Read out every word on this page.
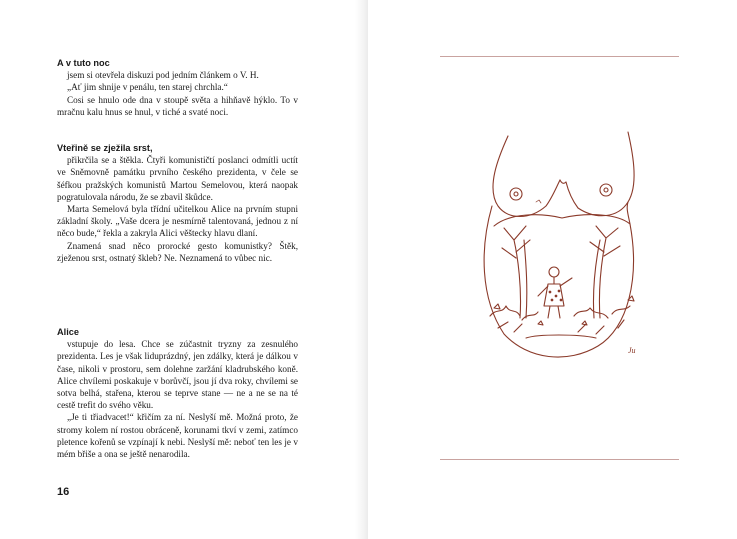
A v tuto noc

jsem si otevřela diskuzi pod jedním článkem o V. H.

„Ať jim shnije v penálu, ten starej chrchla.“

Cosi se hnulo ode dna v stoupě světa a hihňavě hýklo. To v mračnu kalu hnus se hnul, v tiché a svaté noci.

Vteřině se zježila srst,

přikrčila se a štěkla. Čtyři komunističtí poslanci odmítli uctít ve Sněmovně památku prvního českého prezidenta, v čele se šéfkou pražských komunistů Martou Semelovou, která naopak pogratulovala národu, že se zbavil škůdce.

Marta Semelová byla třídní učitelkou Alice na prvním stupni základní školy. „Vaše dcera je nesmírně talentovaná, jednou z ní něco bude,“ řekla a zakryla Alici věštecky hlavu dlaní.

Znamená snad něco prorocké gesto komunistky? Štěk, zježenou srst, ostnatý škleb? Ne. Neznamená to vůbec nic.

Alice

vstupuje do lesa. Chce se zúčastnit tryzny za zesnulého prezidenta. Les je však liduprázdný, jen zdálky, která je dálkou v čase, nikoli v prostoru, sem dolehne zaržání kladrubského koně. Alice chvílemi poskakuje v borůvčí, jsou jí dva roky, chvílemi se sotva belhá, stařena, kterou se teprve stane — ne a ne se na té cestě trefit do svého věku.

„Je ti třiadvacet!“ křičím za ní. Neslyší mě. Možná proto, že stromy kolem ní rostou obráceně, korunami tkví v zemi, zatímco pletence kořenů se vzpínají k nebi. Neslyší mě: neboť ten les je v mém břiše a ona se ještě nenarodila.

16
Ju
